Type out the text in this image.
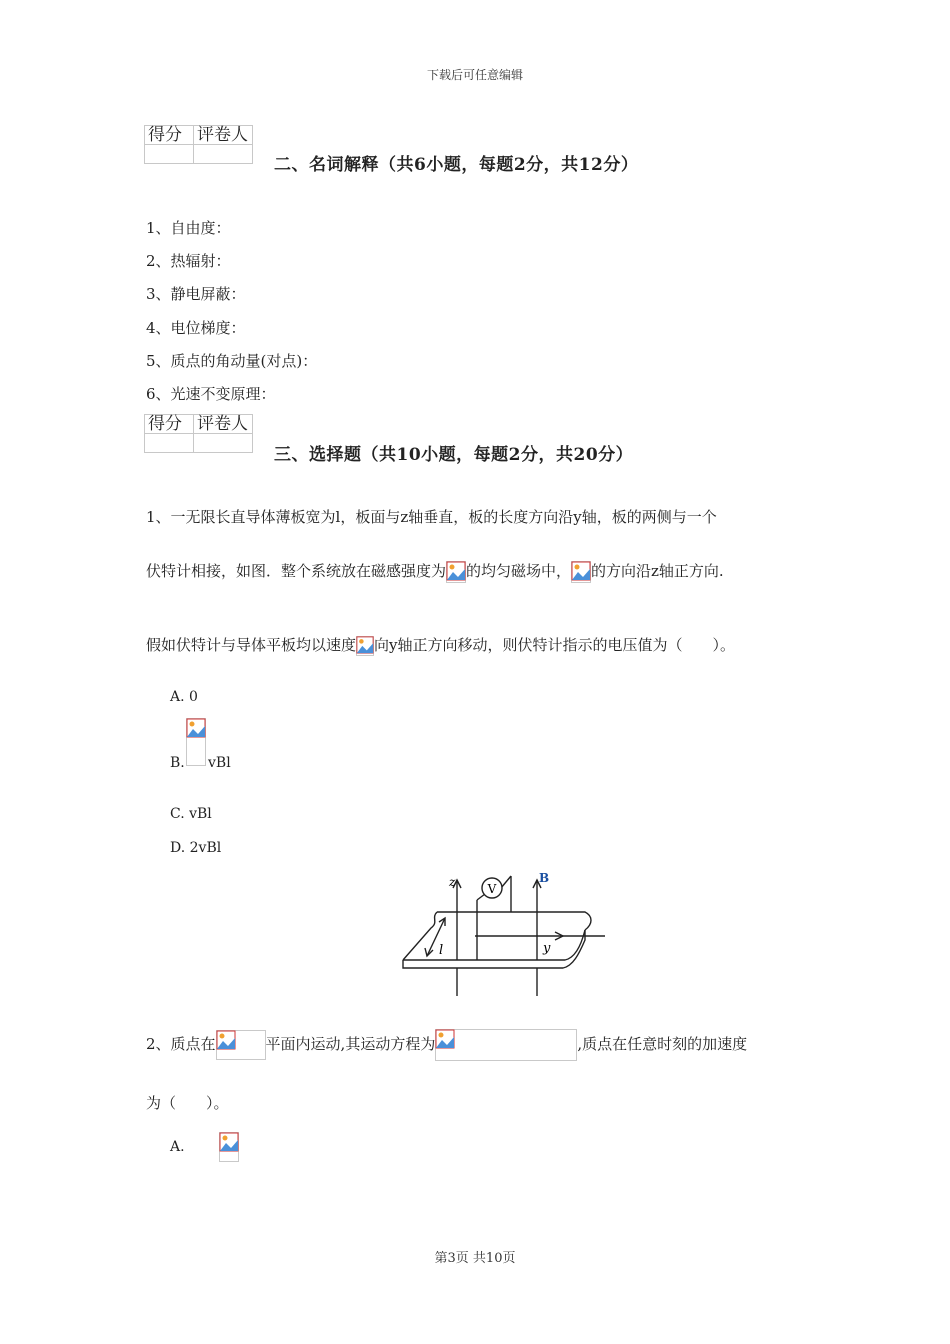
下载后可任意编辑
得分	评卷人

二、名词解释（共6小题，每题2分，共12分）
1、自由度：
2、热辐射：
3、静电屏蔽：
4、电位梯度：
5、质点的角动量(对点)：
6、光速不变原理：
得分	评卷人

三、选择题（共10小题，每题2分，共20分）
1、一无限长直导体薄板宽为l，板面与z轴垂直，板的长度方向沿y轴，板的两侧与一个
伏特计相接，如图．整个系统放在磁感强度为 的均匀磁场中， 的方向沿z轴正方向.
假如伏特计与导体平板均以速度 向y轴正方向移动，则伏特计指示的电压值为（　　）。
A. 0

B. vBl
C. vBl
D. 2vBl
V
z	B
l	y
2、质点在	平面内运动,其运动方程为	,质点在任意时刻的加速度
为（　　）。
A.
第3页 共10页
